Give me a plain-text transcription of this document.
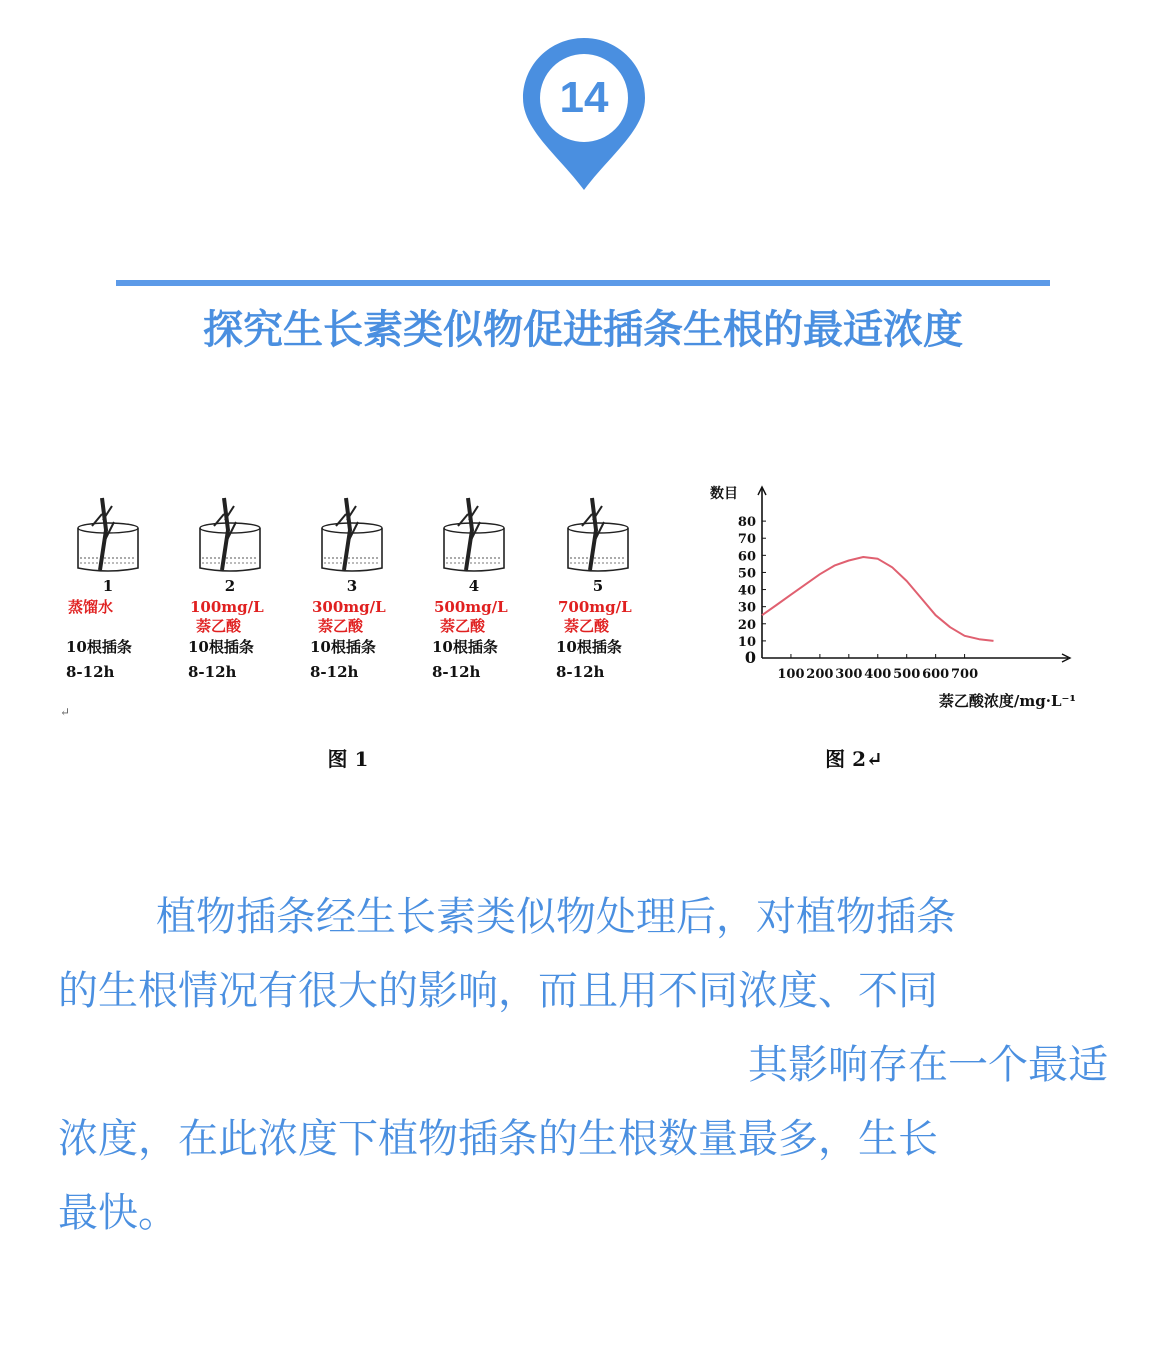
14
探究生长素类似物促进插条生根的最适浓度
1
蒸馏水
10根插条
8-12h
2
100mg/L
萘乙酸
10根插条
8-12h
3
300mg/L
萘乙酸
10根插条
8-12h
4
500mg/L
萘乙酸
10根插条
8-12h
5
700mg/L
萘乙酸
10根插条
8-12h
↵
图 1
0
10
20
30
40
50
60
70
80
100 200 300 400 500 600 700
数目
萘乙酸浓度/mg·L⁻¹
图 2↵
植物插条经生长素类似物处理后，对植物插条
的生根情况有很大的影响，而且用不同浓度、不同
其影响存在一个最适
浓度，在此浓度下植物插条的生根数量最多，生长
最快。
